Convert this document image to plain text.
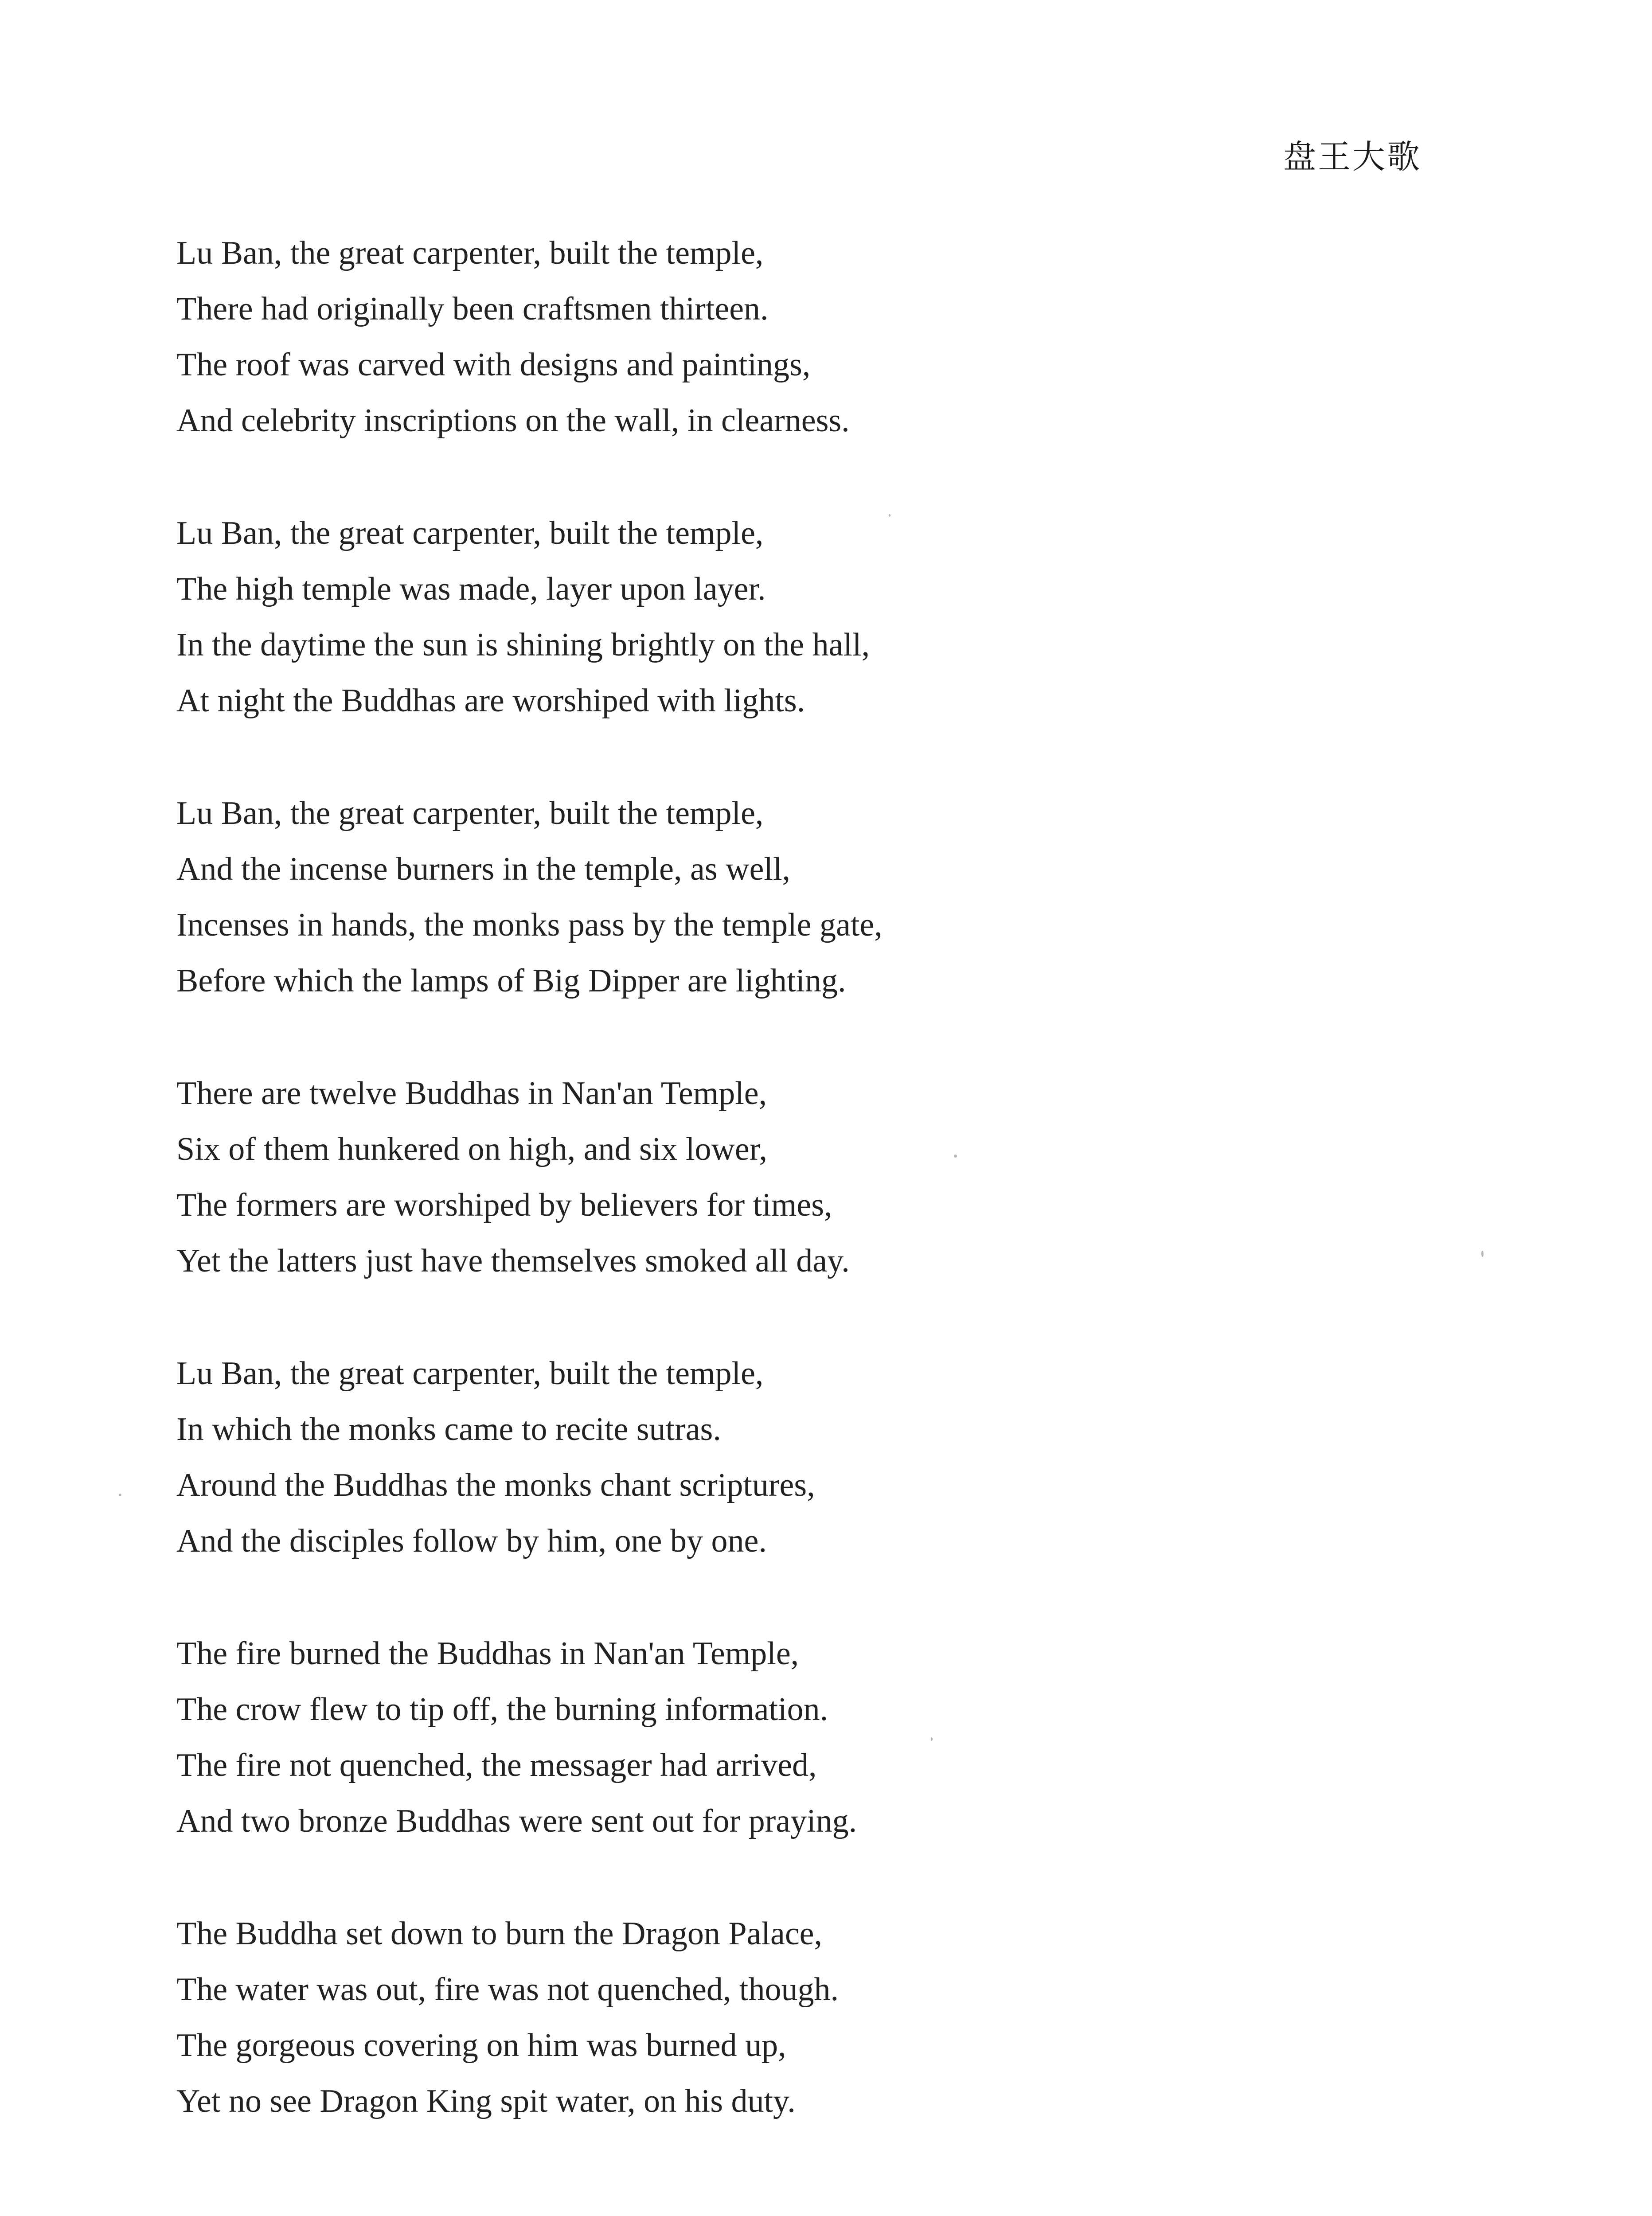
盘王大歌
Lu Ban, the great carpenter, built the temple,
There had originally been craftsmen thirteen.
The roof was carved with designs and paintings,
And celebrity inscriptions on the wall, in clearness.
Lu Ban, the great carpenter, built the temple,
The high temple was made, layer upon layer.
In the daytime the sun is shining brightly on the hall,
At night the Buddhas are worshiped with lights.
Lu Ban, the great carpenter, built the temple,
And the incense burners in the temple, as well,
Incenses in hands, the monks pass by the temple gate,
Before which the lamps of Big Dipper are lighting.
There are twelve Buddhas in Nan'an Temple,
Six of them hunkered on high, and six lower,
The formers are worshiped by believers for times,
Yet the latters just have themselves smoked all day.
Lu Ban, the great carpenter, built the temple,
In which the monks came to recite sutras.
Around the Buddhas the monks chant scriptures,
And the disciples follow by him, one by one.
The fire burned the Buddhas in Nan'an Temple,
The crow flew to tip off, the burning information.
The fire not quenched, the messager had arrived,
And two bronze Buddhas were sent out for praying.
The Buddha set down to burn the Dragon Palace,
The water was out, fire was not quenched, though.
The gorgeous covering on him was burned up,
Yet no see Dragon King spit water, on his duty.
